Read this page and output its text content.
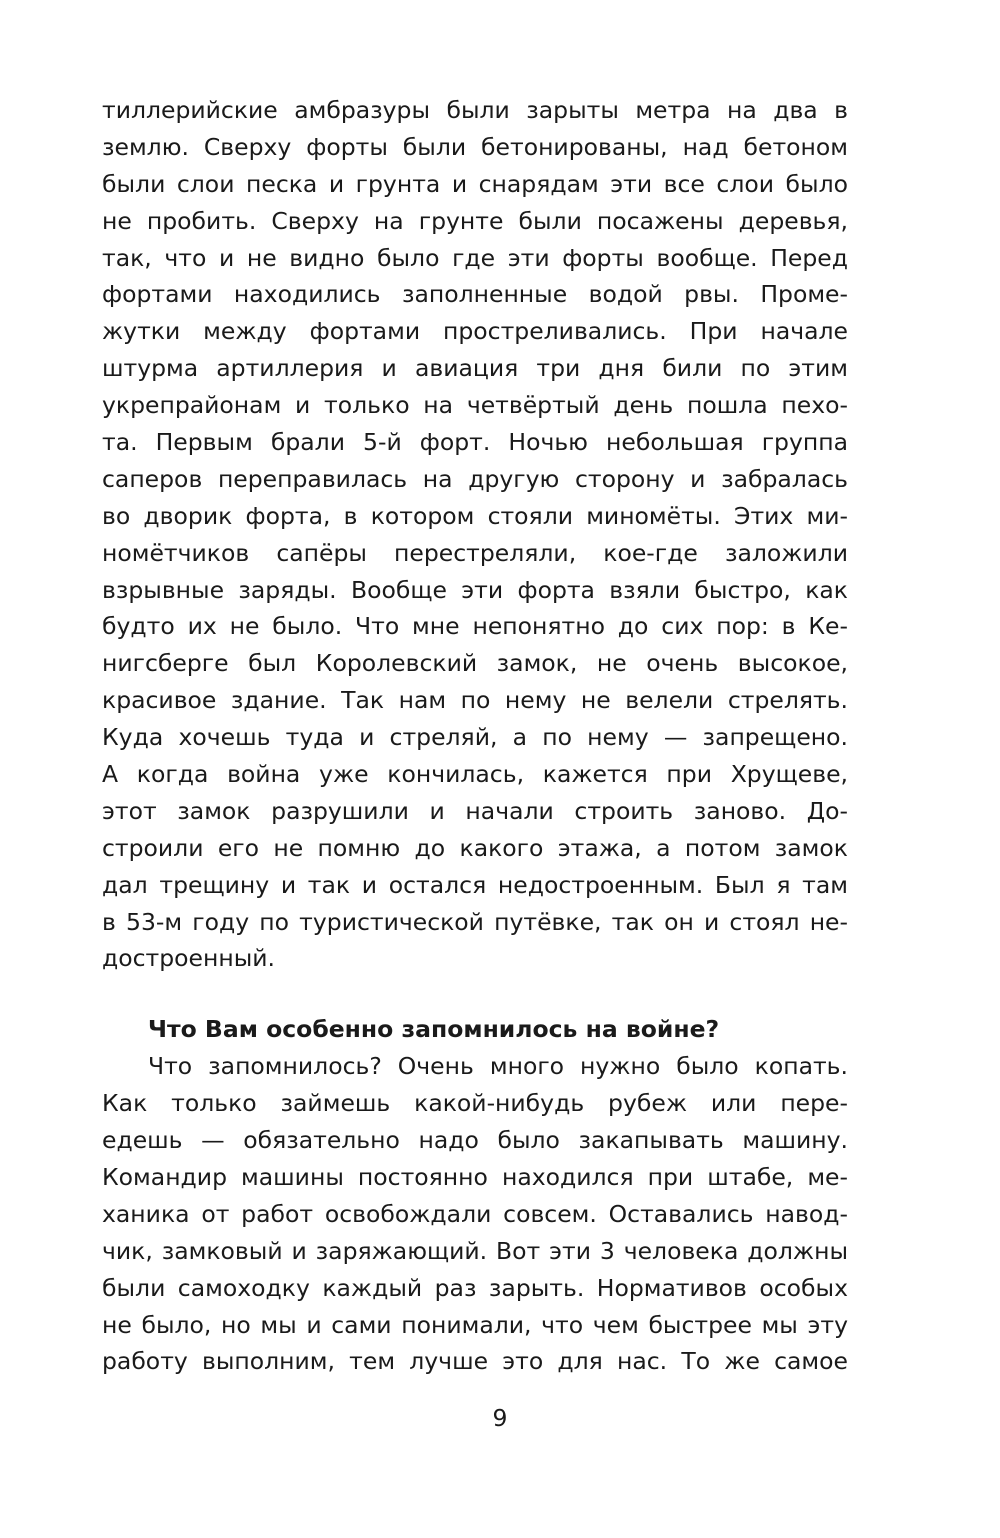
тиллерийские амбразуры были зарыты метра на два в
землю. Сверху форты были бетонированы, над бетоном
были слои песка и грунта и снарядам эти все слои было
не пробить. Сверху на грунте были посажены деревья,
так, что и не видно было где эти форты вообще. Перед
фортами находились заполненные водой рвы. Проме-
жутки между фортами простреливались. При начале
штурма артиллерия и авиация три дня били по этим
укрепрайонам и только на четвёртый день пошла пехо-
та. Первым брали 5-й форт. Ночью небольшая группа
саперов переправилась на другую сторону и забралась
во дворик форта, в котором стояли миномёты. Этих ми-
номётчиков сапёры перестреляли, кое-где заложили
взрывные заряды. Вообще эти форта взяли быстро, как
будто их не было. Что мне непонятно до сих пор: в Ке-
нигсберге был Королевский замок, не очень высокое,
красивое здание. Так нам по нему не велели стрелять.
Куда хочешь туда и стреляй, а по нему — запрещено.
А когда война уже кончилась, кажется при Хрущеве,
этот замок разрушили и начали строить заново. До-
строили его не помню до какого этажа, а потом замок
дал трещину и так и остался недостроенным. Был я там
в 53-м году по туристической путёвке, так он и стоял не-
достроенный.
Что Вам особенно запомнилось на войне?
Что запомнилось? Очень много нужно было копать.
Как только займешь какой-нибудь рубеж или пере-
едешь — обязательно надо было закапывать машину.
Командир машины постоянно находился при штабе, ме-
ханика от работ освобождали совсем. Оставались навод-
чик, замковый и заряжающий. Вот эти 3 человека должны
были самоходку каждый раз зарыть. Нормативов особых
не было, но мы и сами понимали, что чем быстрее мы эту
работу выполним, тем лучше это для нас. То же самое
9
